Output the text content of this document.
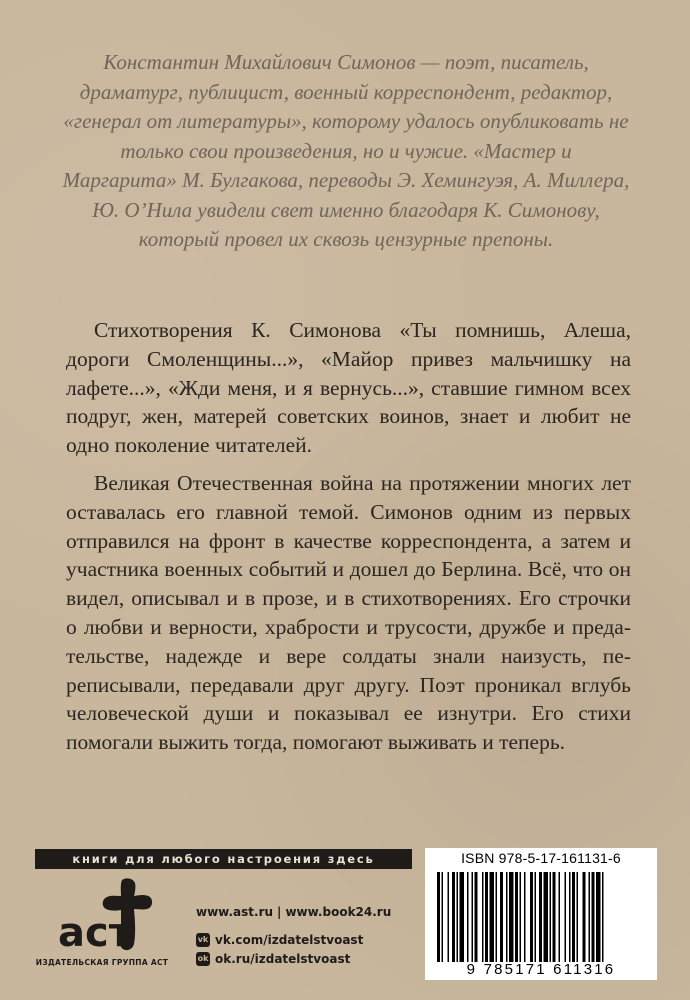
Константин Михайлович Симонов — поэт, писатель, драматург, публицист, военный корреспондент, редактор, «генерал от литературы», которому удалось опубликовать не только свои произведения, но и чужие. «Мастер и Маргарита» М. Булгакова, переводы Э. Хемингуэя, А. Миллера, Ю. О’Нила увидели свет именно благодаря К. Симонову, который провел их сквозь цензурные препоны.

Стихотворения К. Симонова «Ты помнишь, Алеша, дороги Смоленщины...», «Майор привез мальчишку на лафете...», «Жди меня, и я вернусь...», ставшие гимном всех подруг, жен, матерей советских воинов, знает и любит не одно поколение читателей.

Великая Отечественная война на протяжении многих лет оставалась его главной темой. Симонов одним из первых отправился на фронт в качестве корреспондента, а затем и участника военных событий и дошел до Берлина. Всё, что он видел, описывал и в прозе, и в стихотворениях. Его строчки о любви и верности, храбрости и трусости, дружбе и предательстве, надежде и вере солдаты знали наизусть, переписывали, передавали друг другу. Поэт проникал вглубь человеческой души и показывал ее изнутри. Его стихи помогали выжить тогда, помогают выживать и теперь.

книги для любого настроения здесь
аст
ИЗДАТЕЛЬСКАЯ ГРУППА АСТ
www.ast.ru | www.book24.ru
vk vk.com/izdatelstvoast
ok ok.ru/izdatelstvoast
ISBN 978-5-17-161131-6
9 785171 611316
